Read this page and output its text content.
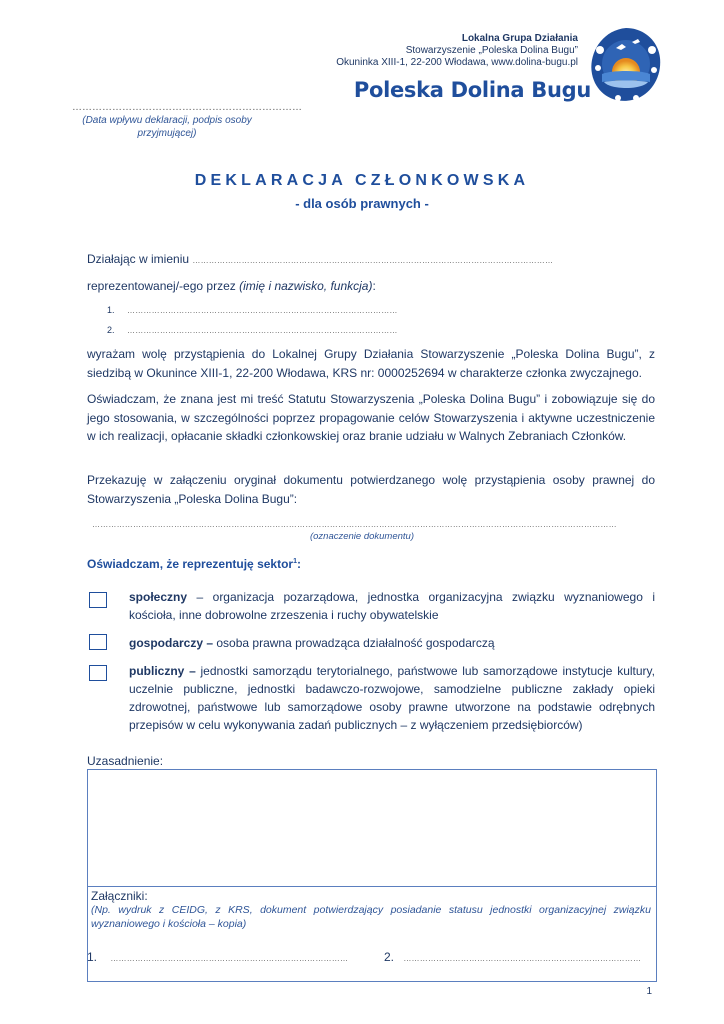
Lokalna Grupa Działania
Stowarzyszenie „Poleska Dolina Bugu”
Okuninka XIII-1, 22-200 Włodawa, www.dolina-bugu.pl
Poleska Dolina Bugu
……………………………………………………………
(Data wpływu deklaracji, podpis osoby przyjmującej)
DEKLARACJA CZŁONKOWSKA
- dla osób prawnych -
Działając w imieniu ……………………………………………………………………………………………………………………
reprezentowanej/-ego przez (imię i nazwisko, funkcja):
1. ………………………………………………………………………………………
2. ………………………………………………………………………………………
wyrażam wolę przystąpienia do Lokalnej Grupy Działania Stowarzyszenie „Poleska Dolina Bugu”, z siedzibą w Okunince XIII-1, 22-200 Włodawa, KRS nr: 0000252694 w charakterze członka zwyczajnego.
Oświadczam, że znana jest mi treść Statutu Stowarzyszenia „Poleska Dolina Bugu” i zobowiązuje się do jego stosowania, w szczególności poprzez propagowanie celów Stowarzyszenia i aktywne uczestniczenie w ich realizacji, opłacanie składki członkowskiej oraz branie udziału w Walnych Zebraniach Członków.
Przekazuję w załączeniu oryginał dokumentu potwierdzanego wolę przystąpienia osoby prawnej do Stowarzyszenia „Poleska Dolina Bugu”:
…………………………………………………………………………………………………………………………………………………………………………
(oznaczenie dokumentu)
Oświadczam, że reprezentuję sektor$^1$:
społeczny – organizacja pozarządowa, jednostka organizacyjna związku wyznaniowego i kościoła, inne dobrowolne zrzeszenia i ruchy obywatelskie
gospodarczy – osoba prawna prowadząca działalność gospodarczą
publiczny – jednostki samorządu terytorialnego, państwowe lub samorządowe instytucje kultury, uczelnie publiczne, jednostki badawczo-rozwojowe, samodzielne publiczne zakłady opieki zdrowotnej, państwowe lub samorządowe osoby prawne utworzone na podstawie odrębnych przepisów w celu wykonywania zadań publicznych – z wyłączeniem przedsiębiorców)
Uzasadnienie:
Załączniki:
(Np. wydruk z CEIDG, z KRS, dokument potwierdzający posiadanie statusu jednostki organizacyjnej związku wyznaniowego i kościoła – kopia)
1. ……………………………………………………………………………	2. ……………………………………………………………………………
1
